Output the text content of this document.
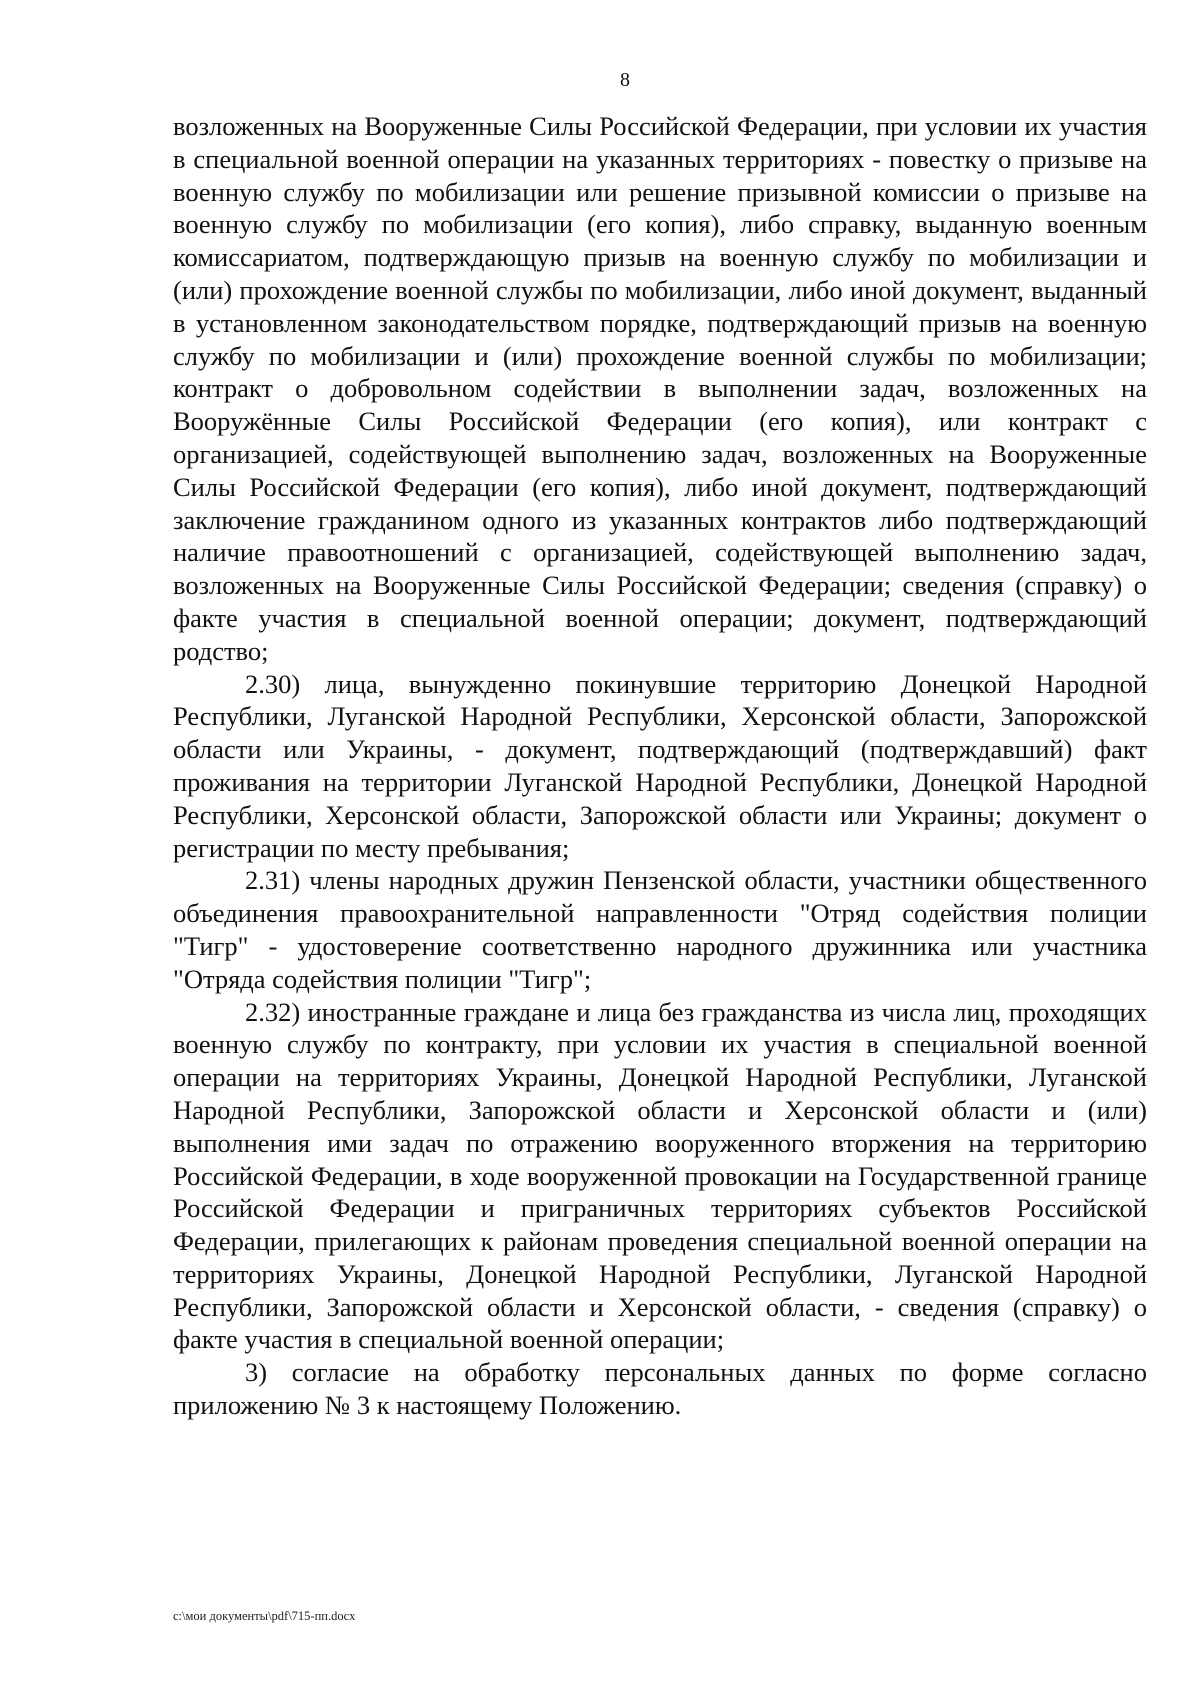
8

возложенных на Вооруженные Силы Российской Федерации, при условии их участия в специальной военной операции на указанных территориях - повестку о призыве на военную службу по мобилизации или решение призывной комиссии о призыве на военную службу по мобилизации (его копия), либо справку, выданную военным комиссариатом, подтверждающую призыв на военную службу по мобилизации и (или) прохождение военной службы по мобилизации, либо иной документ, выданный в установленном законодательством порядке, подтверждающий призыв на военную службу по мобилизации и (или) прохождение военной службы по мобилизации; контракт о добровольном содействии в выполнении задач, возложенных на Вооружённые Силы Российской Федерации (его копия), или контракт с организацией, содействующей выполнению задач, возложенных на Вооруженные Силы Российской Федерации (его копия), либо иной документ, подтверждающий заключение гражданином одного из указанных контрактов либо подтверждающий наличие правоотношений с организацией, содействующей выполнению задач, возложенных на Вооруженные Силы Российской Федерации; сведения (справку) о факте участия в специальной военной операции; документ, подтверждающий родство;

2.30) лица, вынужденно покинувшие территорию Донецкой Народной Республики, Луганской Народной Республики, Херсонской области, Запорожской области или Украины, - документ, подтверждающий (подтверждавший) факт проживания на территории Луганской Народной Республики, Донецкой Народной Республики, Херсонской области, Запорожской области или Украины; документ о регистрации по месту пребывания;

2.31) члены народных дружин Пензенской области, участники общественного объединения правоохранительной направленности "Отряд содействия полиции "Тигр" - удостоверение соответственно народного дружинника или участника "Отряда содействия полиции "Тигр";

2.32) иностранные граждане и лица без гражданства из числа лиц, проходящих военную службу по контракту, при условии их участия в специальной военной операции на территориях Украины, Донецкой Народной Республики, Луганской Народной Республики, Запорожской области и Херсонской области и (или) выполнения ими задач по отражению вооруженного вторжения на территорию Российской Федерации, в ходе вооруженной провокации на Государственной границе Российской Федерации и приграничных территориях субъектов Российской Федерации, прилегающих к районам проведения специальной военной операции на территориях Украины, Донецкой Народной Республики, Луганской Народной Республики, Запорожской области и Херсонской области, - сведения (справку) о факте участия в специальной военной операции;

3) согласие на обработку персональных данных по форме согласно приложению № 3 к настоящему Положению.

c:\мои документы\pdf\715-пп.docx
